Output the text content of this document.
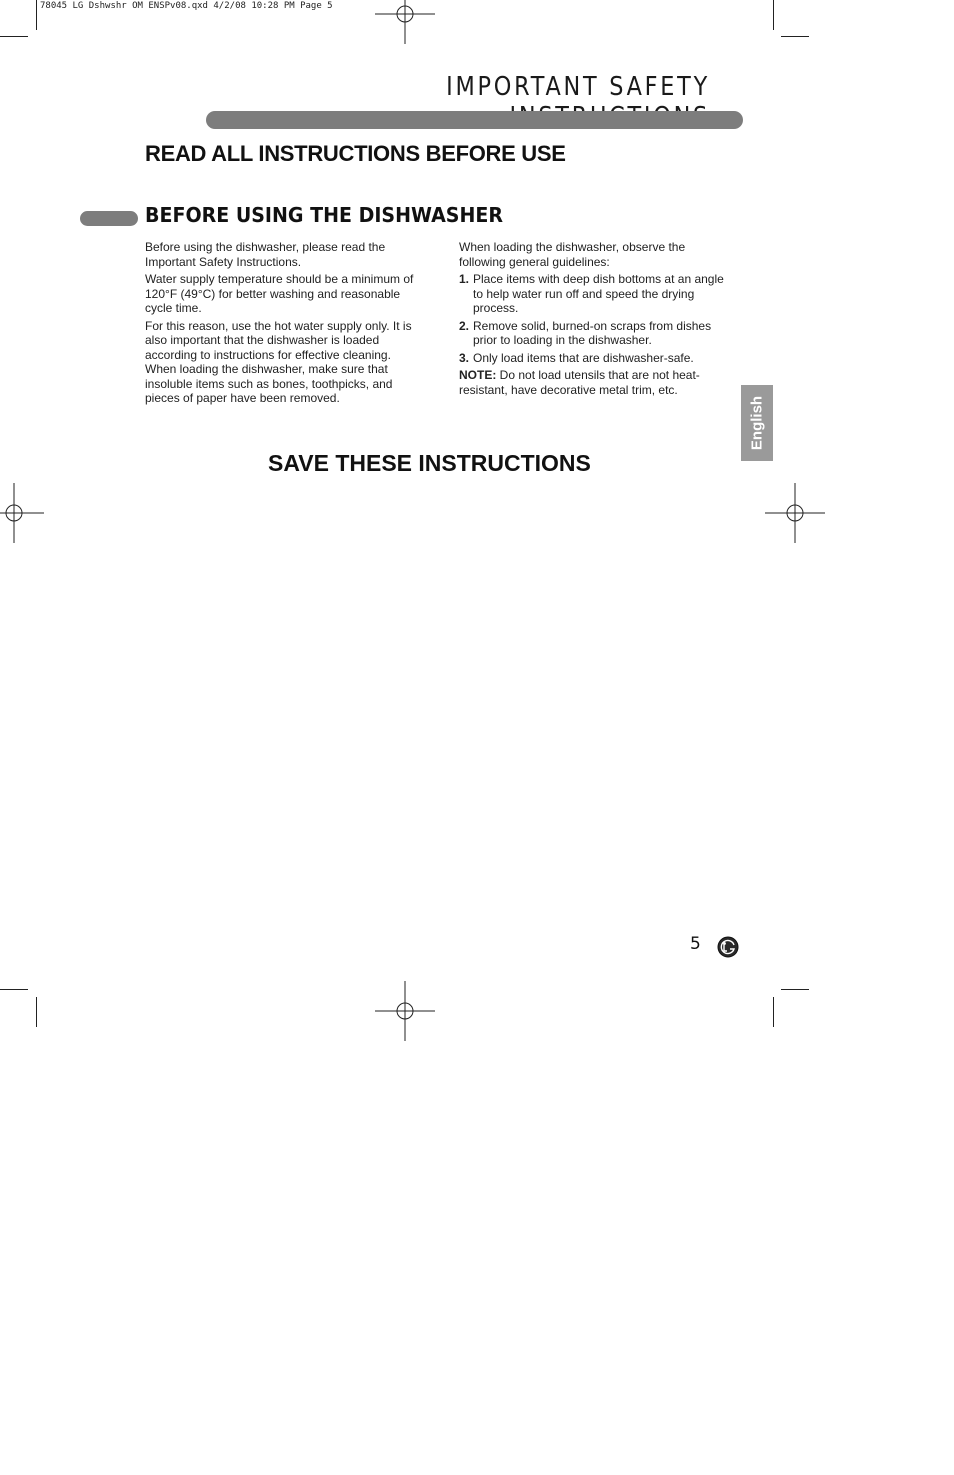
78045 LG Dshwshr OM ENSPv08.qxd 4/2/08 10:28 PM Page 5
IMPORTANT SAFETY
READ ALL INSTRUCTIONS BEFORE USE
BEFORE USING THE DISHWASHER

Before using the dishwasher, please read the Important Safety Instructions.

Water supply temperature should be a minimum of 120°F (49°C) for better washing and reasonable cycle time.

For this reason, use the hot water supply only. It is also important that the dishwasher is loaded according to instructions for effective cleaning. When loading the dishwasher, make sure that insoluble items such as bones, toothpicks, and pieces of paper have been removed.

When loading the dishwasher, observe the following general guidelines:

1. Place items with deep dish bottoms at an angle to help water run off and speed the drying process.
2. Remove solid, burned-on scraps from dishes prior to loading in the dishwasher.
3. Only load items that are dishwasher-safe.

NOTE: Do not load utensils that are not heat-resistant, have decorative metal trim, etc.

SAVE THESE INSTRUCTIONS
English
5
